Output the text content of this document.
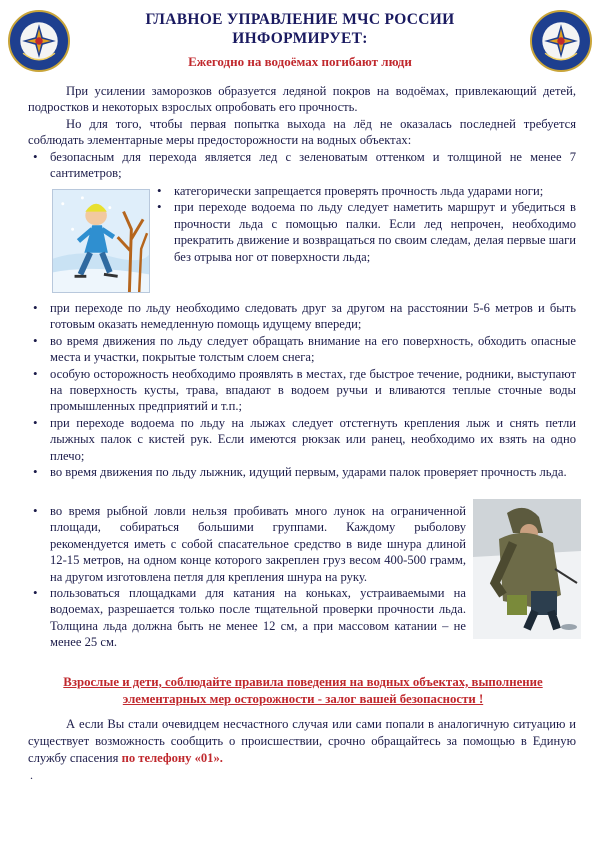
ГЛАВНОЕ УПРАВЛЕНИЕ МЧС РОССИИ
ИНФОРМИРУЕТ:
Ежегодно на водоёмах погибают люди

При усилении заморозков образуется ледяной покров на водоёмах, привлекающий детей, подростков и некоторых взрослых опробовать его прочность.

Но для того, чтобы первая попытка выхода на лёд не оказалась последней требуется соблюдать элементарные меры предосторожности на водных объектах:

• безопасным для перехода является лед с зеленоватым оттенком и толщиной не менее 7 сантиметров;

• категорически запрещается проверять прочность льда ударами ноги;

• при переходе водоема по льду следует наметить маршрут и убедиться в прочности льда с помощью палки. Если лед непрочен, необходимо прекратить движение и возвращаться по своим следам, делая первые шаги без отрыва ног от поверхности льда;

• при переходе по льду необходимо следовать друг за другом на расстоянии 5-6 метров и быть готовым оказать немедленную помощь идущему впереди;

• во время движения по льду следует обращать внимание на его поверхность, обходить опасные места и участки, покрытые толстым слоем снега;

• особую осторожность необходимо проявлять в местах, где быстрое течение, родники, выступают на поверхность кусты, трава, впадают в водоем ручьи и вливаются теплые сточные воды промышленных предприятий и т.п.;

• при переходе водоема по льду на лыжах следует отстегнуть крепления лыж и снять петли лыжных палок с кистей рук. Если имеются рюкзак или ранец, необходимо их взять на одно плечо;

• во время движения по льду лыжник, идущий первым, ударами палок проверяет прочность льда.

• во время рыбной ловли нельзя пробивать много лунок на ограниченной площади, собираться большими группами. Каждому рыболову рекомендуется иметь с собой спасательное средство в виде шнура длиной 12-15 метров, на одном конце которого закреплен груз весом 400-500 грамм, на другом изготовлена петля для крепления шнура на руку.

• пользоваться площадками для катания на коньках, устраиваемыми на водоемах, разрешается только после тщательной проверки прочности льда. Толщина льда должна быть не менее 12 см, а при массовом катании – не менее 25 см.

Взрослые и дети, соблюдайте правила поведения на водных объектах, выполнение элементарных мер осторожности - залог вашей безопасности !

А если Вы стали очевидцем несчастного случая или сами попали в аналогичную ситуацию и существует возможность сообщить о происшествии, срочно обращайтесь за помощью в Единую службу спасения по телефону «01».

.
